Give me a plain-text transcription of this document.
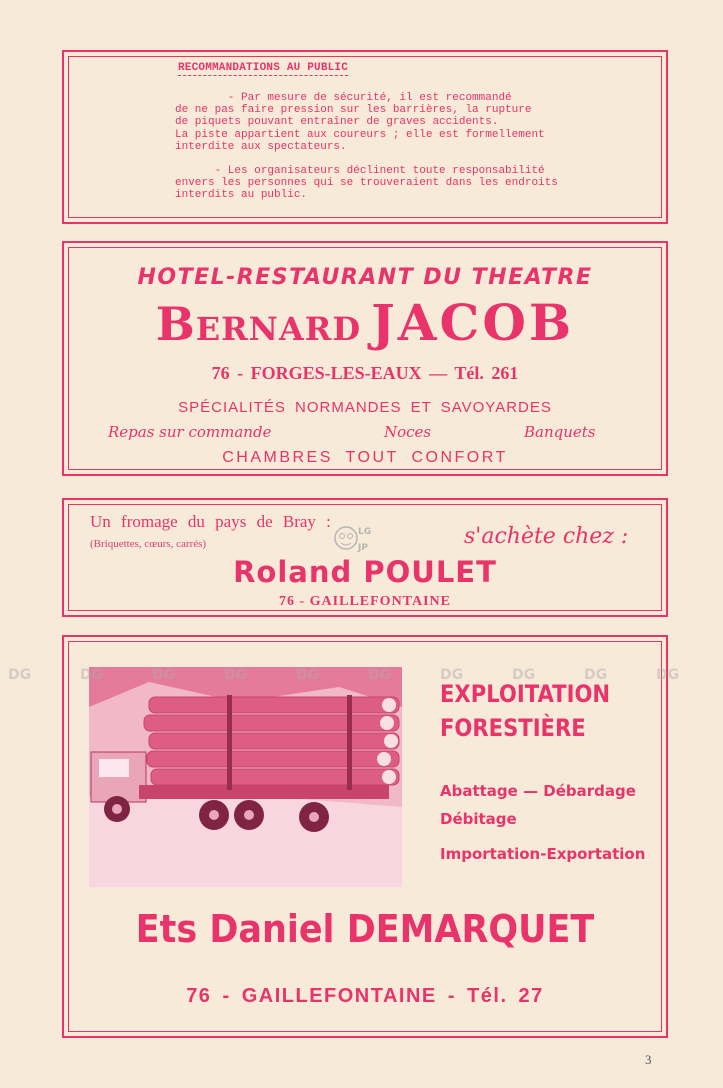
RECOMMANDATIONS AU PUBLIC
- Par mesure de sécurité, il est recommandé
de ne pas faire pression sur les barrières, la rupture
de piquets pouvant entraîner de graves accidents.
La piste appartient aux coureurs ; elle est formellement
interdite aux spectateurs.
- Les organisateurs déclinent toute responsabilité
envers les personnes qui se trouveraient dans les endroits
interdits au public.
HOTEL-RESTAURANT DU THEATRE
Bernard JACOB
76 - FORGES-LES-EAUX — Tél. 261
SPÉCIALITÉS NORMANDES ET SAVOYARDES
Repas sur commande	Noces	Banquets
CHAMBRES TOUT CONFORT
Un fromage du pays de Bray :
(Briquettes, cœurs, carrés)
LG
JP	s'achète chez :
Roland POULET
76 - GAILLEFONTAINE
EXPLOITATION
FORESTIÈRE
Abattage — Débardage
Débitage
Importation-Exportation
Ets Daniel DEMARQUET
76 - GAILLEFONTAINE - Tél. 27
DG	DG	DG	DG	DG	DG	DG	DG	DG	DG
3
